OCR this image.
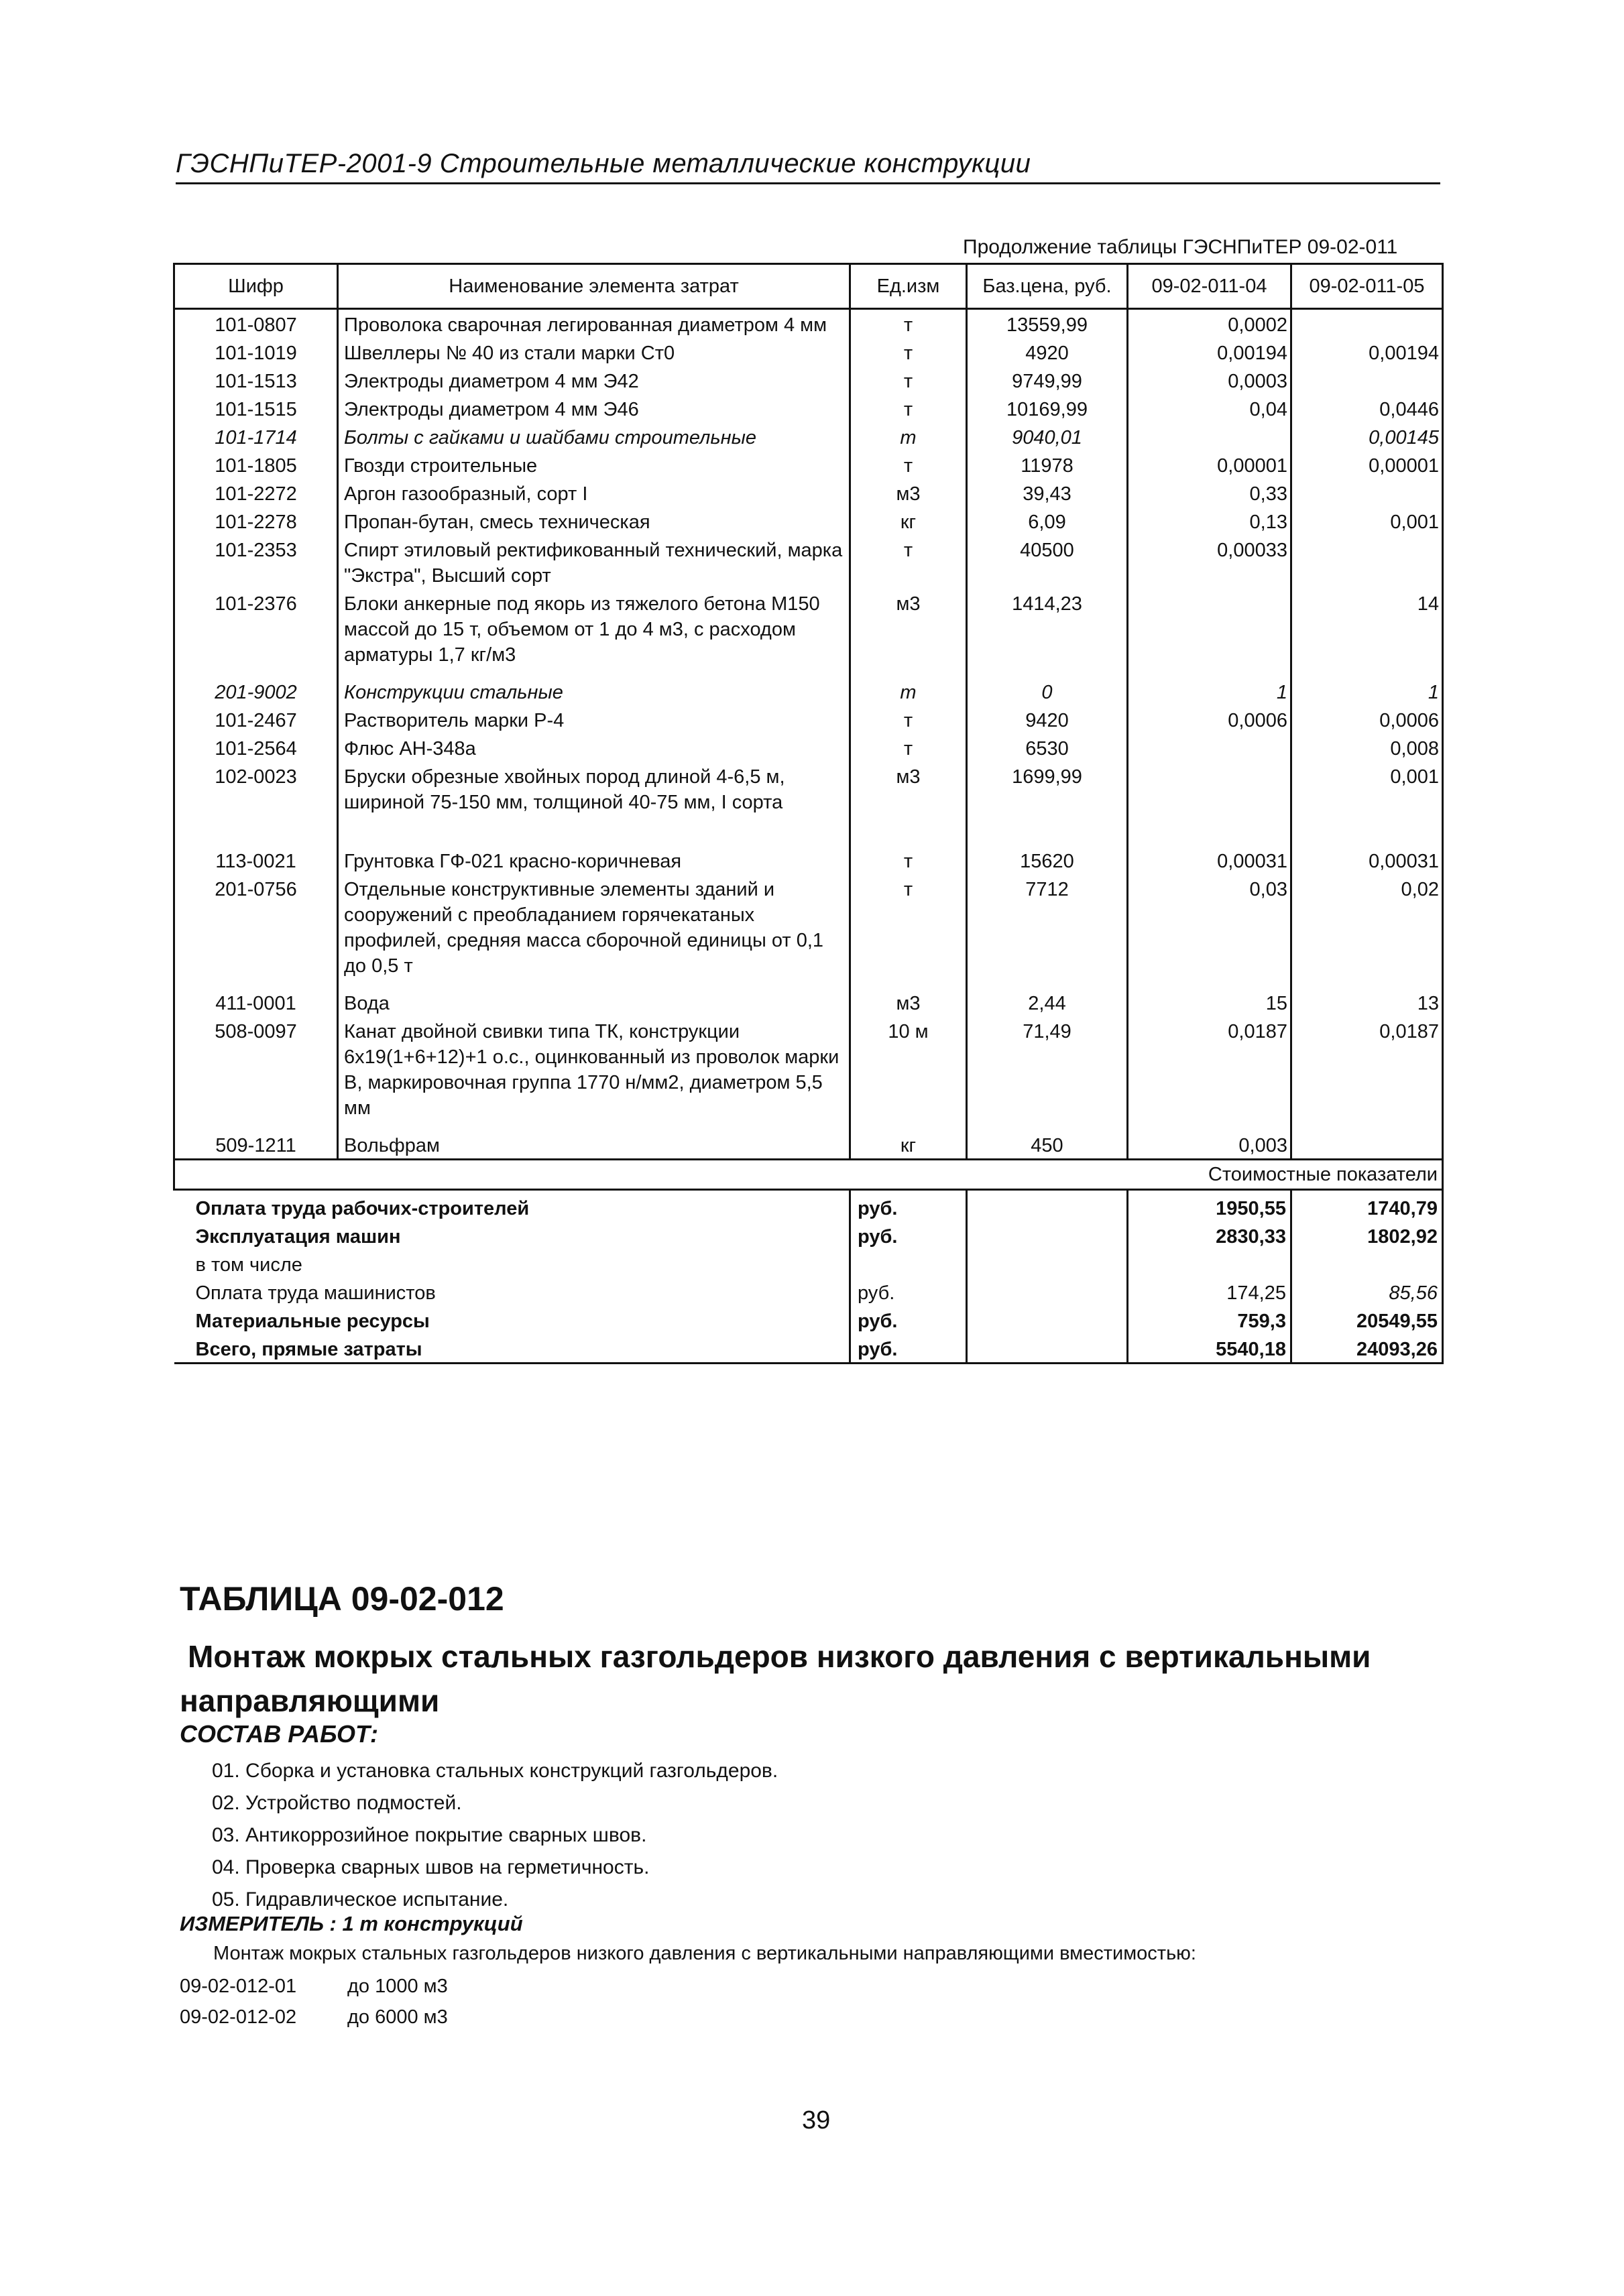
ГЭСНПиТЕР-2001-9 Строительные металлические конструкции
Продолжение таблицы ГЭСНПиТЕР 09-02-011
Шифр	Наименование элемента затрат	Ед.изм	Баз.цена, руб.	09-02-011-04	09-02-011-05
101-0807	Проволока сварочная легированная диаметром 4 мм	т	13559,99	0,0002	
101-1019	Швеллеры № 40 из стали марки Ст0	т	4920	0,00194	0,00194
101-1513	Электроды диаметром 4 мм Э42	т	9749,99	0,0003	
101-1515	Электроды диаметром 4 мм Э46	т	10169,99	0,04	0,0446
101-1714	Болты с гайками и шайбами строительные	т	9040,01		0,00145
101-1805	Гвозди строительные	т	11978	0,00001	0,00001
101-2272	Аргон газообразный, сорт I	м3	39,43	0,33	
101-2278	Пропан-бутан, смесь техническая	кг	6,09	0,13	0,001
101-2353	Спирт этиловый ректификованный технический, марка "Экстра", Высший сорт	т	40500	0,00033	
101-2376	Блоки анкерные под якорь из тяжелого бетона М150 массой до 15 т, объемом от 1 до 4 м3, с расходом арматуры 1,7 кг/м3	м3	1414,23		14
201-9002	Конструкции стальные	т	0	1	1
101-2467	Растворитель марки Р-4	т	9420	0,0006	0,0006
101-2564	Флюс АН-348а	т	6530		0,008
102-0023	Бруски обрезные хвойных пород длиной 4-6,5 м, шириной 75-150 мм, толщиной 40-75 мм, I сорта	м3	1699,99		0,001
113-0021	Грунтовка ГФ-021 красно-коричневая	т	15620	0,00031	0,00031
201-0756	Отдельные конструктивные элементы зданий и сооружений с преобладанием горячекатаных профилей, средняя масса сборочной единицы от 0,1 до 0,5 т	т	7712	0,03	0,02
411-0001	Вода	м3	2,44	15	13
508-0097	Канат двойной свивки типа ТК, конструкции 6х19(1+6+12)+1 о.с., оцинкованный из проволок марки В, маркировочная группа 1770 н/мм2, диаметром 5,5 мм	10 м	71,49	0,0187	0,0187
509-1211	Вольфрам	кг	450	0,003	
Стоимостные показатели					
Оплата труда рабочих-строителей		руб.		1950,55	1740,79
Эксплуатация машин		руб.		2830,33	1802,92
в том числе					
Оплата труда машинистов		руб.		174,25	85,56
Материальные ресурсы		руб.		759,3	20549,55
Всего, прямые затраты		руб.		5540,18	24093,26
ТАБЛИЦА 09-02-012
Монтаж мокрых стальных газгольдеров низкого давления с вертикальными
направляющими
СОСТАВ РАБОТ:
01. Сборка и установка стальных конструкций газгольдеров.
02. Устройство подмостей.
03. Антикоррозийное покрытие сварных швов.
04. Проверка сварных швов на герметичность.
05. Гидравлическое испытание.
ИЗМЕРИТЕЛЬ : 1 т конструкций
Монтаж мокрых стальных газгольдеров низкого давления с вертикальными направляющими вместимостью:
09-02-012-01	до 1000 м3
09-02-012-02	до 6000 м3
39
